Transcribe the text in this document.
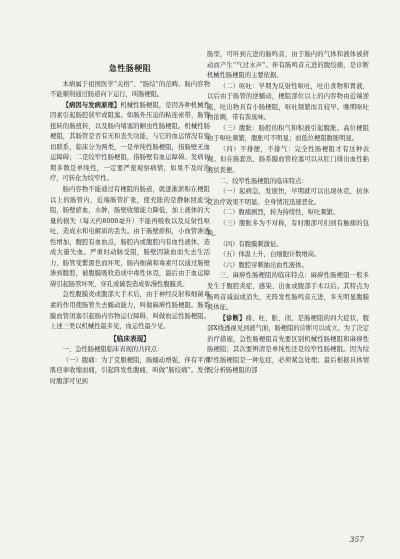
急性肠梗阻

本病属于祖国医学“关格”、“肠结”的范畴。肠内容物不能顺利通过肠道向下运行，叫肠梗阻。

【病因与发病原理】机械性肠梗阻，是因各种机械性因素引起肠腔狭窄或阻塞。如肠外压迫的粘连索带、肠管扭转的肠扭转，以及肠内堵塞的蛔虫性肠梗阻。机械性肠梗阻，其肠管是否有无和丧失功能，与它的血运情况有密切联系，临床分为两类，一是单纯性肠梗阻，指肠壁无血运障碍；二是绞窄性肠梗阻，指肠壁有血运障碍。发病初期多数是单纯性，一定要严密观察病情，如果不及时治疗，可转化为绞窄性。

肠内容物不能通过有梗阻的肠道，就逐渐淤积在梗阻以上的肠管内，近端肠管扩张，使充胀的是静脉回流受阻，肠壁瘀血，水肿，肠壁收缩能力降低，加上液体的大量的损失（每天约8000毫升）不能再吸收以及反射性呕吐，造成水和电解质的丢失。由于肠壁瘀积，小血管渗透性增加，腹腔有血血点，肠腔内或腹腔内有血性液体，造成大量失血。严重时动脉受阻，肠壁因缺血而失去生活力，肠管变紫黑色而坏死，肠内细菌和毒素可以通过肠壁渗到腹腔，被腹膜吸收造成中毒性休克，最后由于血运障碍引起肠管坏死、穿孔或破裂造成弥漫性腹膜炎。

急性腹膜炎或腹部大手术后，由于神经反射和细菌毒素的作用使肠管失去蠕动能力，叫做麻痹性肠梗阻。肠系膜血管闭塞引起肠内容物运行障碍，叫做血运性肠梗阻。上述三类以机械性最多见，血运性最少见。

【临床表现】

一、急性肠梗阻临床表现的共同点：

（一）腹痛：为了克服梗阻，肠蠕动增强，伴有平滑肌痉挛收缩而痛，引起阵发性腹痛，叫做“肠绞痛”。发作时腹部可见到

肠型，可听到亢进的肠鸣音，由于肠内的气体和液体被挤动而产生“气过水声”。伴有肠鸣音亢进的腹绞痛，是诊断机械性肠梗阻的主要依据。

（二）呕吐：早期为反射性呕吐，吐出食物和胃液，以后由于肠管的逆蠕动，梗阻部位以上的内容物由近端逆流，吐出物具有小肠梗阻，呕吐频繁而且较早。晚期呕吐物浓稠，带有粪臭味。

（三）腹胀：肠腔的积气和积液引起腹胀。高位梗阻由于呕吐频繁，腹胀可不明显；而低位梗阻腹胀明显。

（四）不排便，不排气：完全性肠梗阻才有这种表现。但在肠套迭，肠系膜血管栓塞可以从肛门排出血性粘液状粪便。

二、绞窄性肠梗阻的临床特点：

（一）起病急，发展快，早期就可以出现休克，抗休克治疗效果不明显。全身情况迅速恶化。

（二）腹痛剧烈，转为持续性，呕吐频繁。

（三）腹胀多为不对称，有时腹部可扪到有触痛的包块。

（四）有腹膜刺激征。

（五）体温上升，白细胞计数增高。

（六）腹腔穿刺抽出血性液体。

三、麻痹性肠梗阻的临床特点：麻痹性肠梗阻一般多发生于腹腔炎症、感染、出血或腹部手术以后。其特点为肠鸣音减弱或消失，无阵发性肠鸣音亢进，多无明显腹膜炎体征。

【诊断】痛、吐、胀、闭，是肠梗阻的四大症状，腹部X线透视见到液气面，肠梗阻的诊断可以成立。为了决定治疗措施，急性肠梗阻首先要区别机械性肠梗阻和麻痹性肠梗阻；其次要辨清是单纯性还是绞窄性肠梗阻。因为绞窄性肠梗阻是一种危症，必须紧急处理；最后根据具体情况分析肠梗阻的部

357
